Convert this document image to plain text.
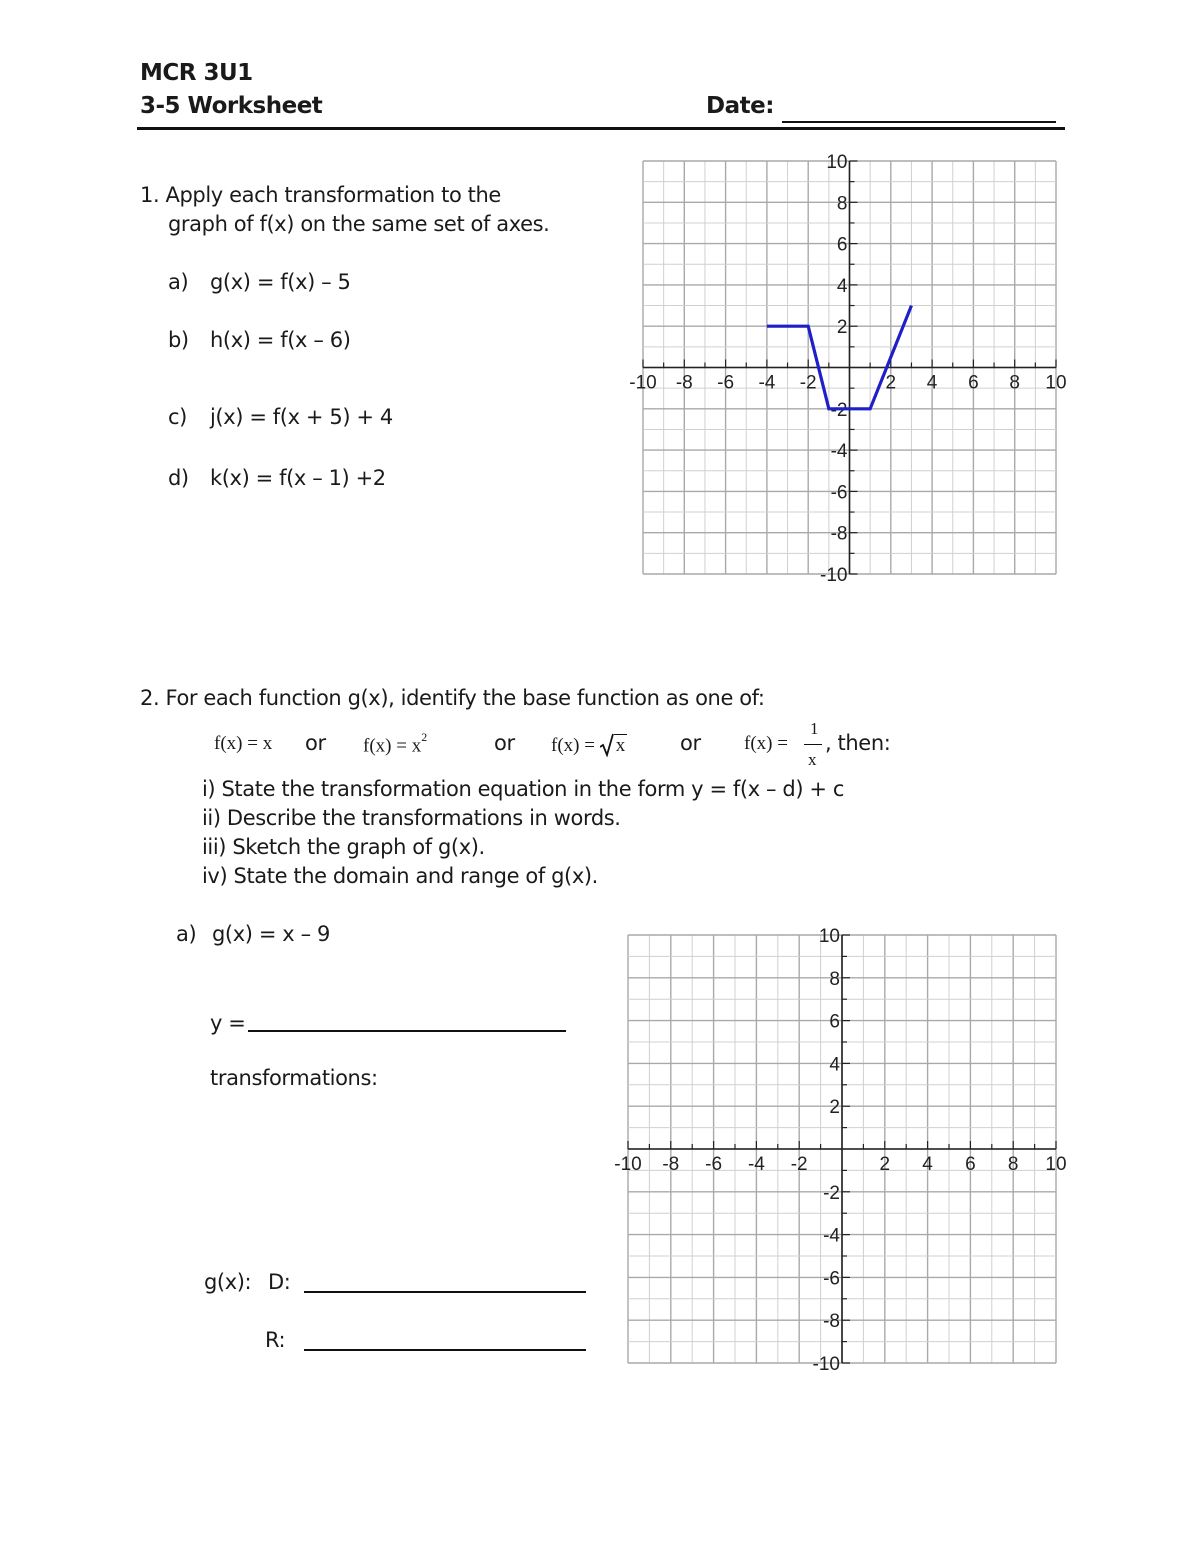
MCR 3U1
3-5 Worksheet	Date:
1. Apply each transformation to the
graph of f(x) on the same set of axes.
a) g(x) = f(x) – 5
b) h(x) = f(x – 6)
c) j(x) = f(x + 5) + 4
d) k(x) = f(x – 1) +2
-10 -8 -6 -4 -2	2 4 6 8 10
-10
-8
-6
-4
-2
2
4
6
8
10
2. For each function g(x), identify the base function as one of:
f(x) = x or $f(x) = x^2$	or f(x) = x	or f(x) =
1
x
, then:
i) State the transformation equation in the form y = f(x – d) + c
ii) Describe the transformations in words.
iii) Sketch the graph of g(x).
iv) State the domain and range of g(x).
a) g(x) = x – 9
y =
transformations:
g(x): D:
R:
-10 -8 -6 -4 -2	2 4 6 8 10
-10
-8
-6
-4
-2
2
4
6
8
10
